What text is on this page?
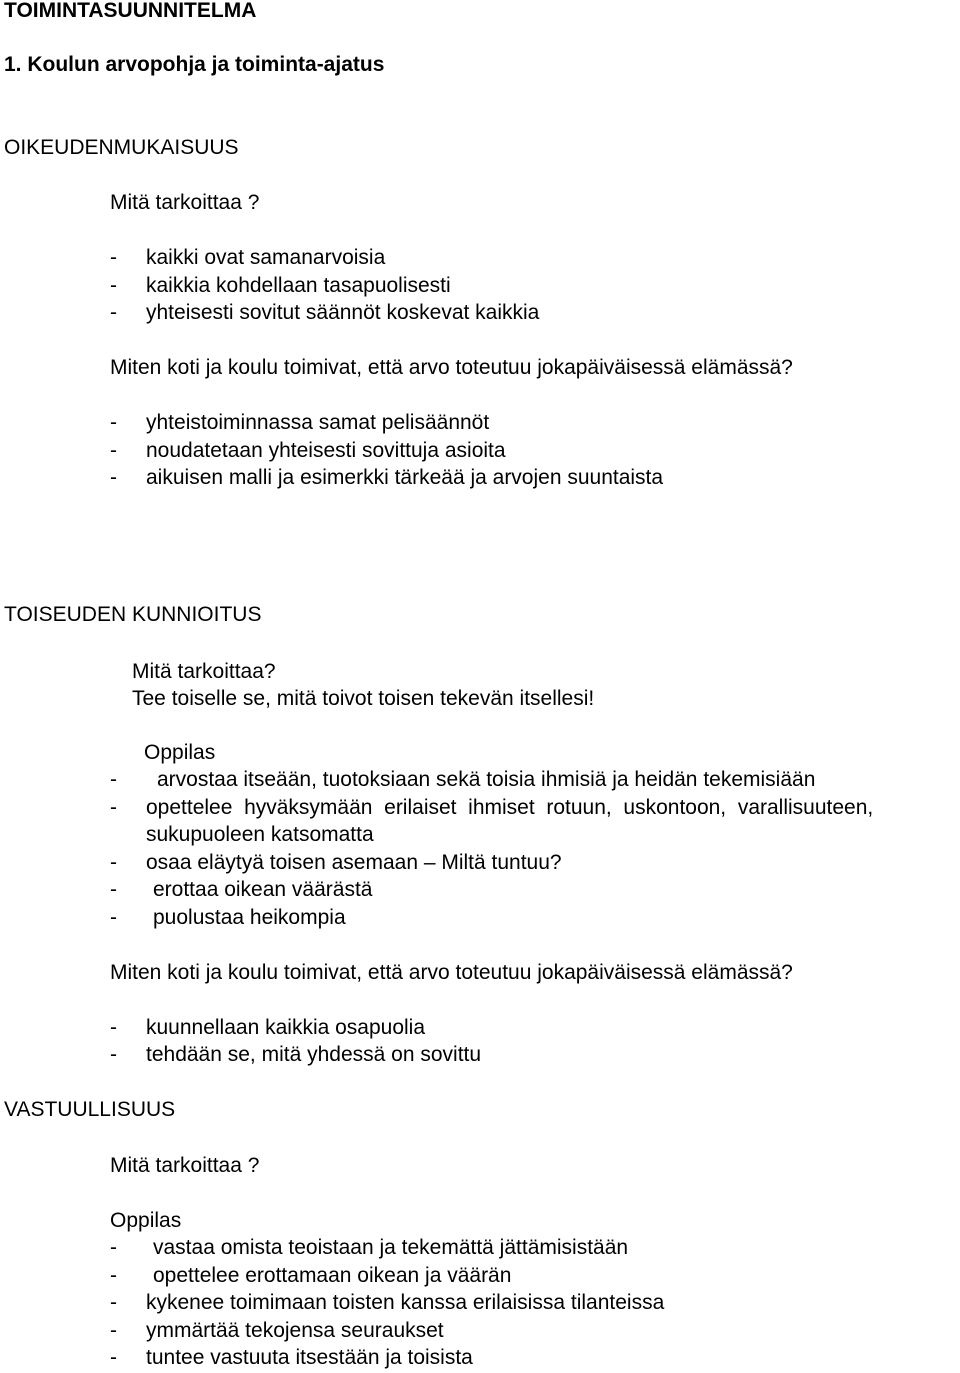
TOIMINTASUUNNITELMA
1. Koulun arvopohja ja toiminta-ajatus
OIKEUDENMUKAISUUS
Mitä tarkoittaa ?
- kaikki ovat samanarvoisia
- kaikkia kohdellaan tasapuolisesti
- yhteisesti sovitut säännöt koskevat kaikkia
Miten koti ja koulu toimivat, että arvo toteutuu jokapäiväisessä elämässä?
- yhteistoiminnassa samat pelisäännöt
- noudatetaan yhteisesti sovittuja asioita
- aikuisen malli ja esimerkki tärkeää ja arvojen suuntaista
TOISEUDEN KUNNIOITUS
Mitä tarkoittaa?
Tee toiselle se, mitä toivot toisen tekevän itsellesi!
Oppilas
- arvostaa itseään, tuotoksiaan sekä toisia ihmisiä ja heidän tekemisiään
- opettelee  hyväksymään  erilaiset  ihmiset  rotuun,  uskontoon,  varallisuuteen,
sukupuoleen katsomatta
- osaa eläytyä toisen asemaan – Miltä tuntuu?
- erottaa oikean väärästä
- puolustaa heikompia
Miten koti ja koulu toimivat, että arvo toteutuu jokapäiväisessä elämässä?
- kuunnellaan kaikkia osapuolia
- tehdään se, mitä yhdessä on sovittu
VASTUULLISUUS
Mitä tarkoittaa ?
Oppilas
- vastaa omista teoistaan ja tekemättä jättämisistään
- opettelee erottamaan oikean ja väärän
- kykenee toimimaan toisten kanssa erilaisissa tilanteissa
- ymmärtää tekojensa seuraukset
- tuntee vastuuta itsestään ja toisista
